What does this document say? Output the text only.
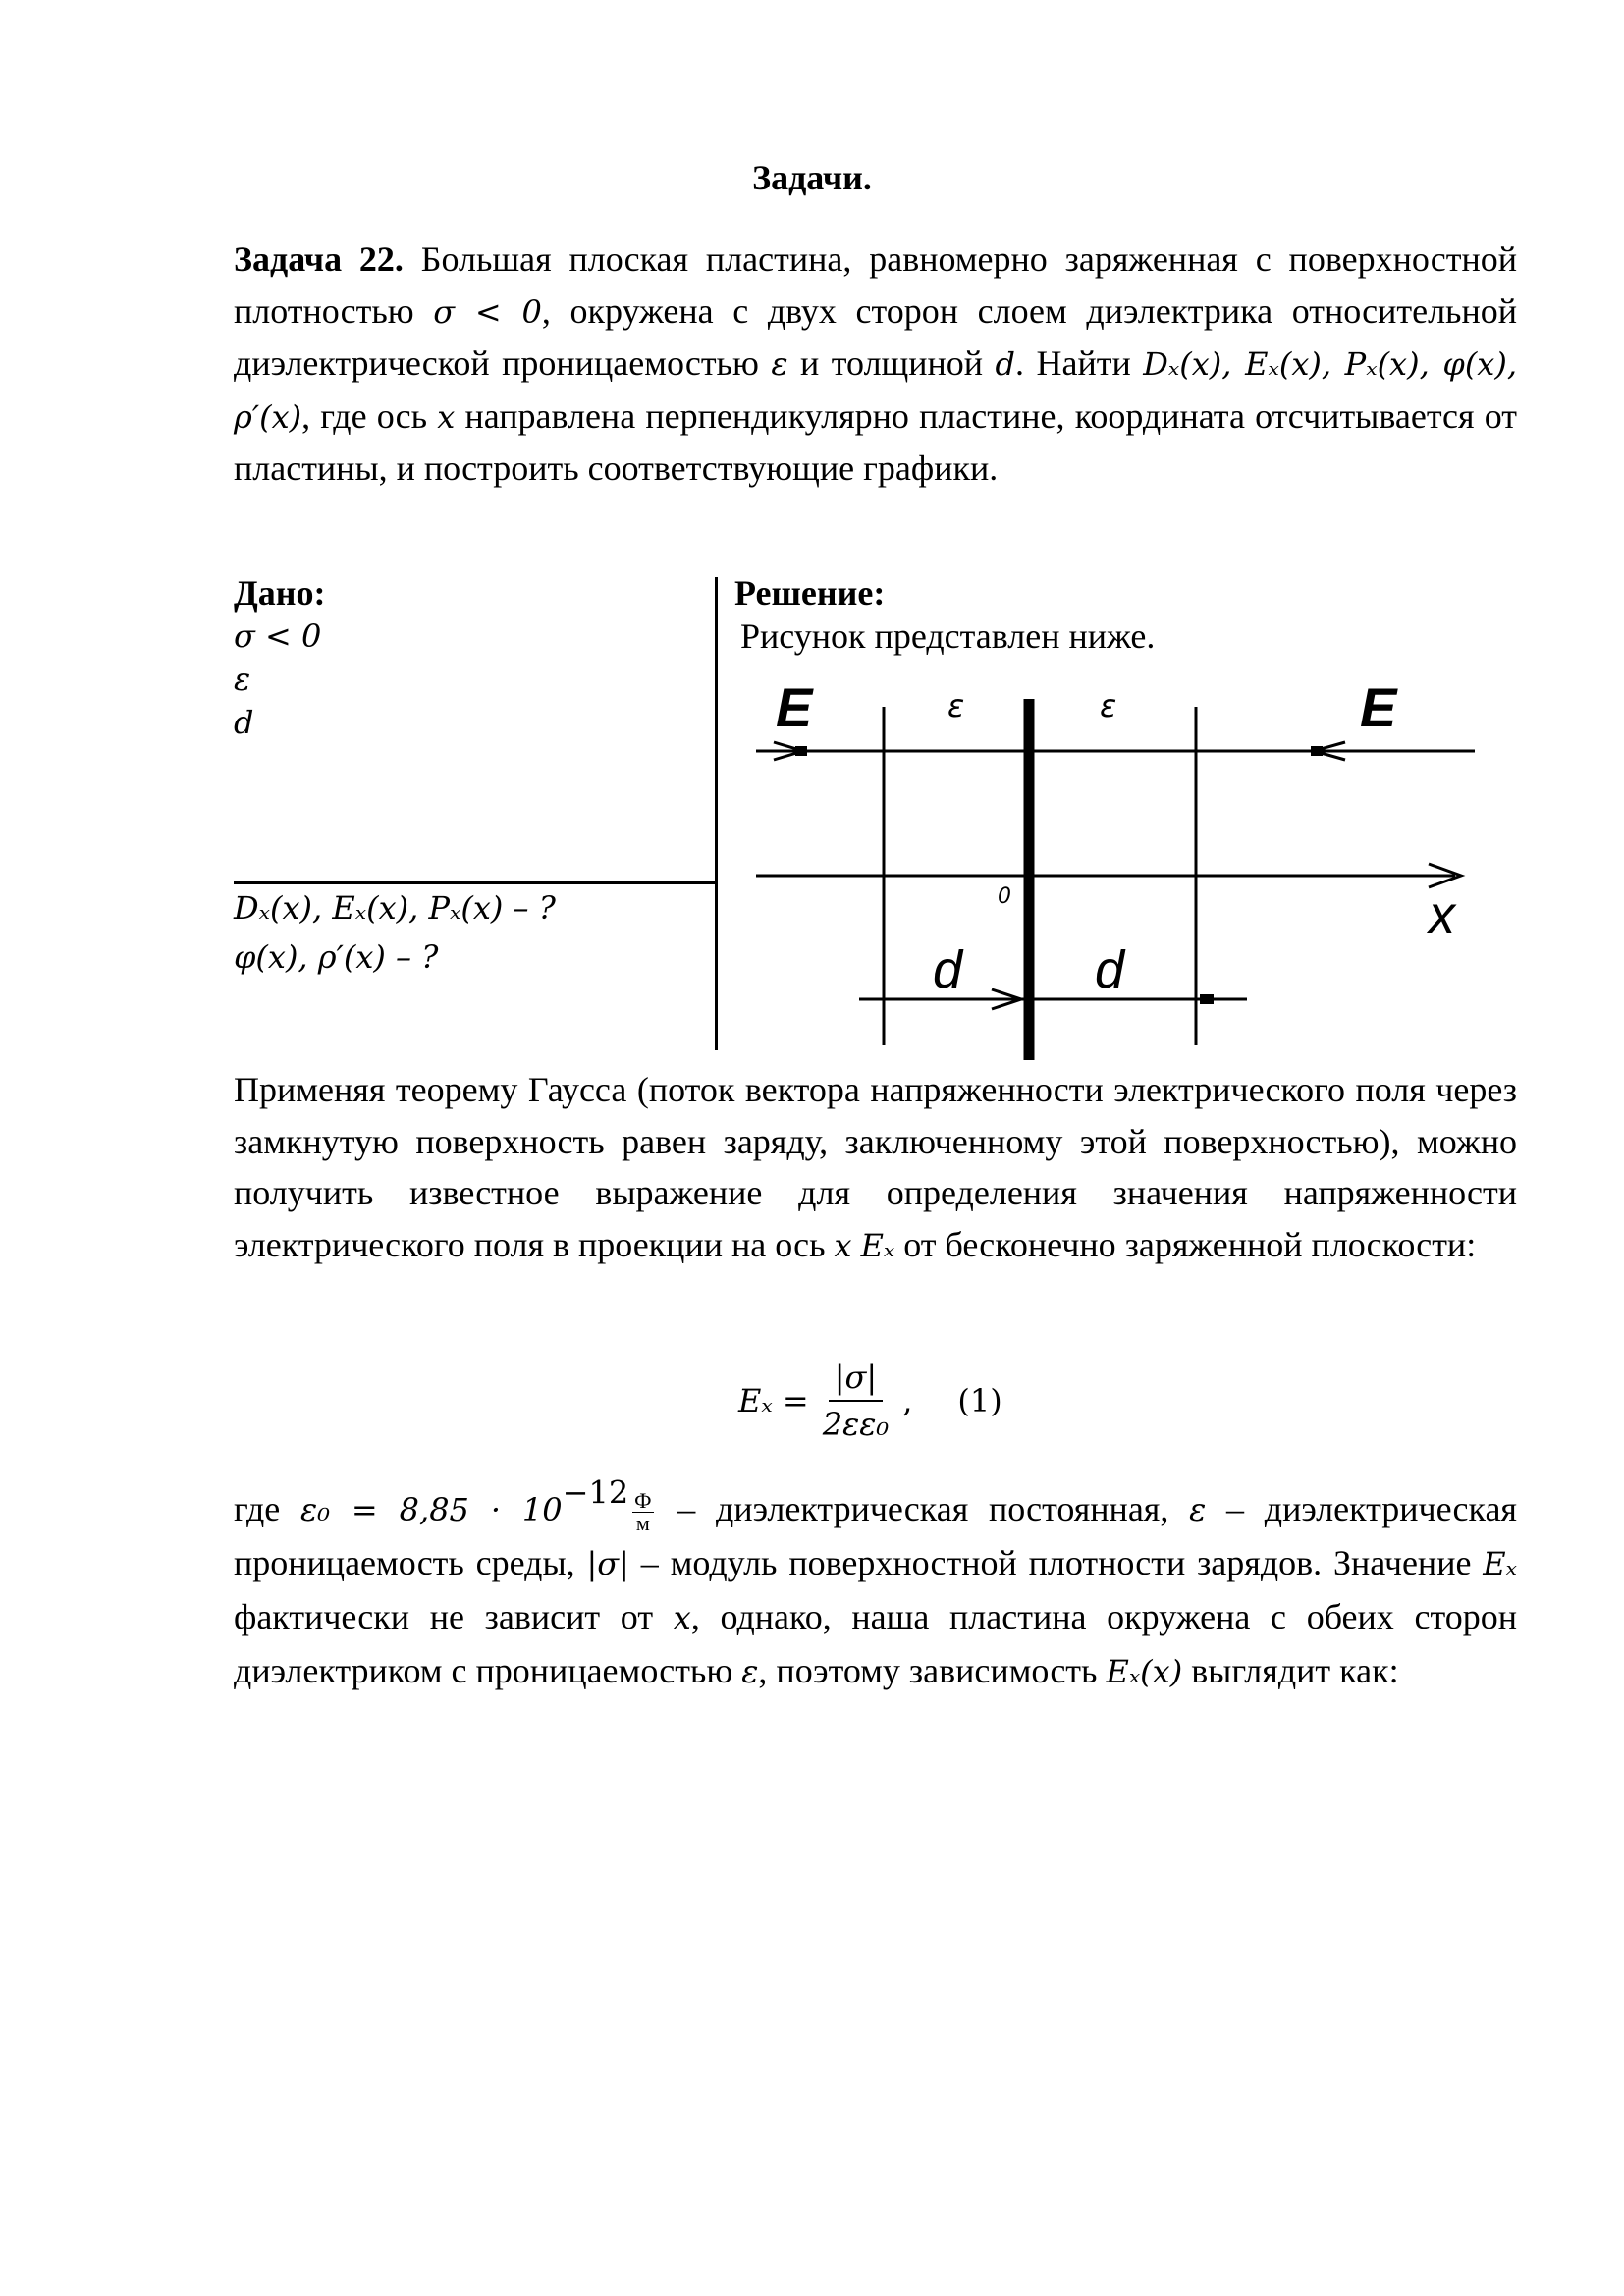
Задачи.

Задача 22. Большая плоская пластина, равномерно заряженная с поверхностной плотностью σ < 0, окружена с двух сторон слоем диэлектрика относительной диэлектрической проницаемостью ε и толщиной d. Найти Dₓ(x), Eₓ(x), Pₓ(x), φ(x), ρ′(x), где ось x направлена перпендикулярно пластине, координата отсчитывается от пластины, и построить соответствующие графики.

Дано:
σ < 0
ε
d
Dₓ(x), Eₓ(x), Pₓ(x) – ?
φ(x), ρ′(x) – ?
Решение:
Рисунок представлен ниже.
E	E
ε	ε
0	x
d d

Применяя теорему Гаусса (поток вектора напряженности электрического поля через замкнутую поверхность равен заряду, заключенному этой поверхностью), можно получить известное выражение для определения значения напряженности электрического поля в проекции на ось x Eₓ от бесконечно заряженной плоскости:

$E_x = \frac{|\sigma|}{\text{2εε₀}}$ , (1)

где $\varepsilon_0 = 8,85 \cdot 10^{-12}$ Ф
м – диэлектрическая постоянная, ε – диэлектрическая проницаемость среды, |σ| – модуль поверхностной плотности зарядов. Значение Eₓ фактически не зависит от x, однако, наша пластина окружена с обеих сторон диэлектриком с проницаемостью ε, поэтому зависимость Eₓ(x) выглядит как:
